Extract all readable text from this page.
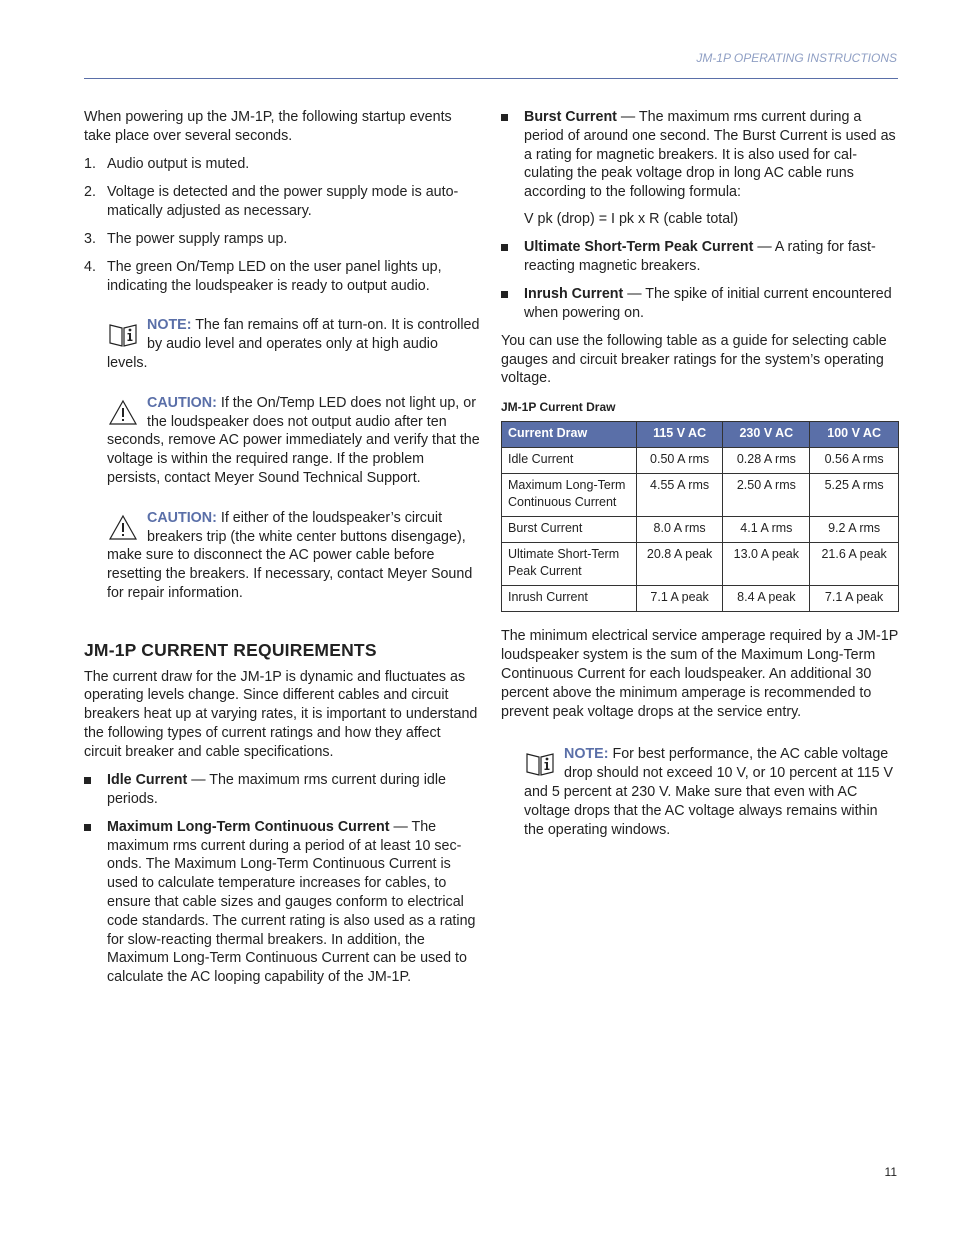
JM-1P OPERATING INSTRUCTIONS

When powering up the JM-1P, the following startup events take place over several seconds.

1. Audio output is muted.
2. Voltage is detected and the power supply mode is automatically adjusted as necessary.
3. The power supply ramps up.
4. The green On/Temp LED on the user panel lights up, indicating the loudspeaker is ready to output audio.
NOTE: The fan remains off at turn-on. It is controlled by audio level and operates only at high audio levels.
CAUTION: If the On/Temp LED does not light up, or the loudspeaker does not output audio after ten seconds, remove AC power immediately and verify that the voltage is within the required range. If the problem persists, contact Meyer Sound Technical Support.
CAUTION: If either of the loudspeaker’s circuit breakers trip (the white center buttons disengage), make sure to disconnect the AC power cable before resetting the breakers. If necessary, contact Meyer Sound for repair information.
JM-1P CURRENT REQUIREMENTS

The current draw for the JM-1P is dynamic and fluctuates as operating levels change. Since different cables and circuit breakers heat up at varying rates, it is important to understand the following types of current ratings and how they affect circuit breaker and cable specifications.

Idle Current — The maximum rms current during idle periods.
Maximum Long-Term Continuous Current — The maximum rms current during a period of at least 10 seconds. The Maximum Long-Term Continuous Current is used to calculate temperature increases for cables, to ensure that cable sizes and gauges conform to electrical code standards. The current rating is also used as a rating for slow-reacting thermal breakers. In addition, the Maximum Long-Term Continuous Current can be used to calculate the AC looping capability of the JM-1P.
Burst Current — The maximum rms current during a period of around one second. The Burst Current is used as a rating for magnetic breakers. It is also used for calculating the peak voltage drop in long AC cable runs according to the following formula:

V pk (drop) = I pk x R (cable total)

Ultimate Short-Term Peak Current — A rating for fast-reacting magnetic breakers.
Inrush Current — The spike of initial current encountered when powering on.

You can use the following table as a guide for selecting cable gauges and circuit breaker ratings for the system’s operating voltage.

JM-1P Current Draw

Current Draw	115 V AC	230 V AC	100 V AC
Idle Current	0.50 A rms	0.28 A rms	0.56 A rms
Maximum Long-Term Continuous Current	4.55 A rms	2.50 A rms	5.25 A rms
Burst Current	8.0 A rms	4.1 A rms	9.2 A rms
Ultimate Short-Term Peak Current	20.8 A peak	13.0 A peak	21.6 A peak
Inrush Current	7.1 A peak	8.4 A peak	7.1 A peak

The minimum electrical service amperage required by a JM-1P loudspeaker system is the sum of the Maximum Long-Term Continuous Current for each loudspeaker. An additional 30 percent above the minimum amperage is recommended to prevent peak voltage drops at the service entry.

NOTE: For best performance, the AC cable voltage drop should not exceed 10 V, or 10 percent at 115 V and 5 percent at 230 V. Make sure that even with AC voltage drops that the AC voltage always remains within the operating windows.
11
